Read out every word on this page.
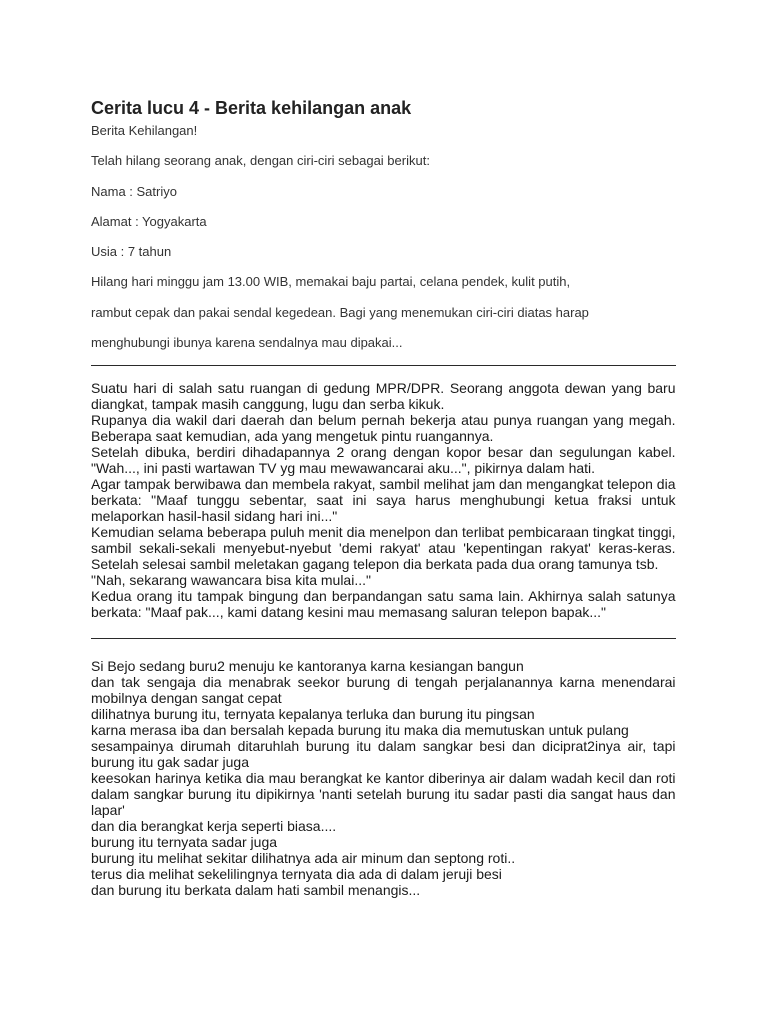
Cerita lucu 4 - Berita kehilangan anak
Berita Kehilangan!
Telah hilang seorang anak, dengan ciri-ciri sebagai berikut:
Nama : Satriyo
Alamat : Yogyakarta
Usia : 7 tahun
Hilang hari minggu jam 13.00 WIB, memakai baju partai, celana pendek, kulit putih,
rambut cepak dan pakai sendal kegedean. Bagi yang menemukan ciri-ciri diatas harap
menghubungi ibunya karena sendalnya mau dipakai...
Suatu hari di salah satu ruangan di gedung MPR/DPR. Seorang anggota dewan yang baru
diangkat, tampak masih canggung, lugu dan serba kikuk.
Rupanya dia wakil dari daerah dan belum pernah bekerja atau punya ruangan yang megah.
Beberapa saat kemudian, ada yang mengetuk pintu ruangannya.
Setelah dibuka, berdiri dihadapannya 2 orang dengan kopor besar dan segulungan kabel.
"Wah..., ini pasti wartawan TV yg mau mewawancarai aku...", pikirnya dalam hati.
Agar tampak berwibawa dan membela rakyat, sambil melihat jam dan mengangkat telepon dia
berkata: "Maaf tunggu sebentar, saat ini saya harus menghubungi ketua fraksi untuk
melaporkan hasil-hasil sidang hari ini..."
Kemudian selama beberapa puluh menit dia menelpon dan terlibat pembicaraan tingkat tinggi,
sambil sekali-sekali menyebut-nyebut 'demi rakyat' atau 'kepentingan rakyat' keras-keras.
Setelah selesai sambil meletakan gagang telepon dia berkata pada dua orang tamunya tsb.
"Nah, sekarang wawancara bisa kita mulai..."
Kedua orang itu tampak bingung dan berpandangan satu sama lain. Akhirnya salah satunya
berkata: "Maaf pak..., kami datang kesini mau memasang saluran telepon bapak..."
Si Bejo sedang buru2 menuju ke kantoranya karna kesiangan bangun
dan tak sengaja dia menabrak seekor burung di tengah perjalanannya karna menendarai
mobilnya dengan sangat cepat
dilihatnya burung itu, ternyata kepalanya terluka dan burung itu pingsan
karna merasa iba dan bersalah kepada burung itu maka dia memutuskan untuk pulang
sesampainya dirumah ditaruhlah burung itu dalam sangkar besi dan diciprat2inya air, tapi
burung itu gak sadar juga
keesokan harinya ketika dia mau berangkat ke kantor diberinya air dalam wadah kecil dan roti
dalam sangkar burung itu dipikirnya 'nanti setelah burung itu sadar pasti dia sangat haus dan
lapar'
dan dia berangkat kerja seperti biasa....
burung itu ternyata sadar juga
burung itu melihat sekitar dilihatnya ada air minum dan septong roti..
terus dia melihat sekelilingnya ternyata dia ada di dalam jeruji besi
dan burung itu berkata dalam hati sambil menangis...
